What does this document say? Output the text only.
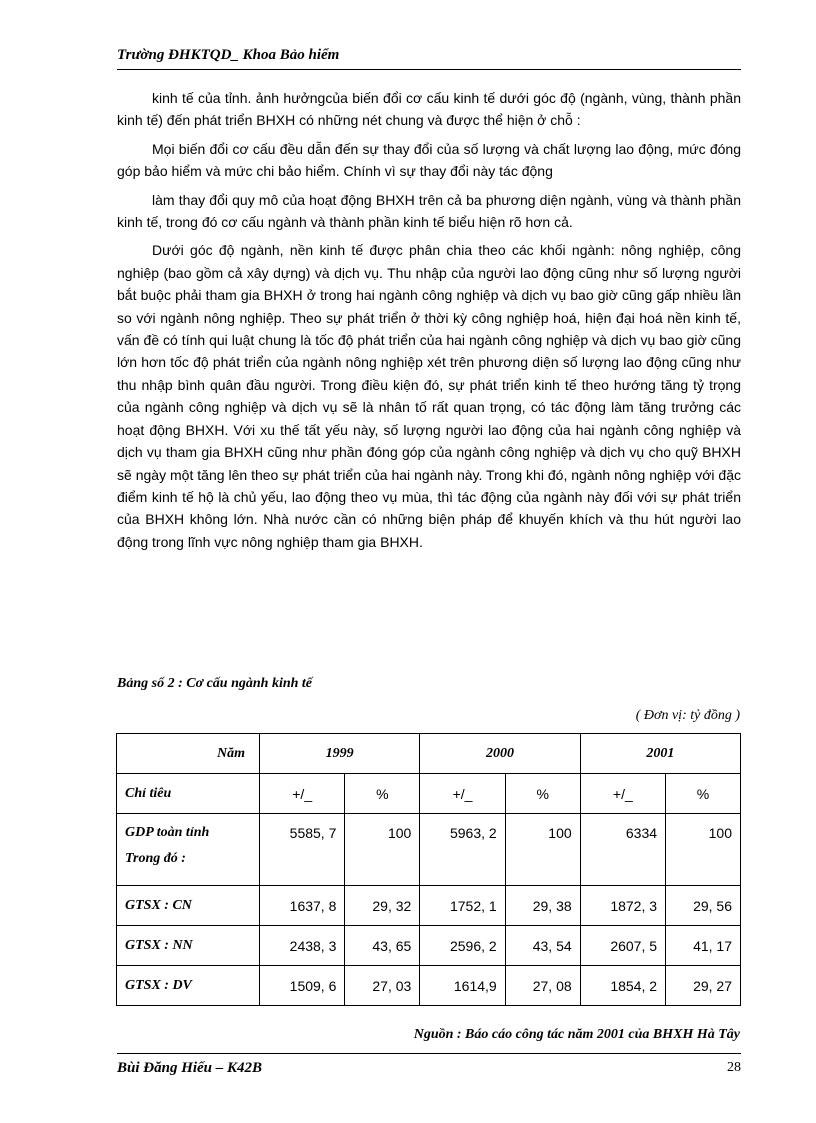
Trường ĐHKTQD_ Khoa Bảo hiểm

kinh tế của tỉnh. ảnh hưởngcủa biến đổi cơ cấu kinh tế dưới góc độ (ngành, vùng, thành phần kinh tế) đến phát triển BHXH có những nét chung và được thể hiện ở chỗ :

Mọi biến đổi cơ cấu đều dẫn đến sự thay đổi của số lượng và chất lượng lao động, mức đóng góp bảo hiểm và mức chi bảo hiểm. Chính vì sự thay đổi này tác động

làm thay đổi quy mô của hoạt động BHXH trên cả ba phương diện ngành, vùng và thành phần kinh tế, trong đó cơ cấu ngành và thành phần kinh tế biểu hiện rõ hơn cả.

Dưới góc độ ngành, nền kinh tế được phân chia theo các khối ngành: nông nghiệp, công nghiệp (bao gồm cả xây dựng) và dịch vụ. Thu nhập của người lao động cũng như số lượng người bắt buộc phải tham gia BHXH ở trong hai ngành công nghiệp và dịch vụ bao giờ cũng gấp nhiều lần so với ngành nông nghiệp. Theo sự phát triển ở thời kỳ công nghiệp hoá, hiện đại hoá nền kinh tế, vấn đề có tính qui luật chung là tốc độ phát triển của hai ngành công nghiệp và dịch vụ bao giờ cũng lớn hơn tốc độ phát triển của ngành nông nghiệp xét trên phương diện số lượng lao động cũng như thu nhập bình quân đầu người. Trong điều kiện đó, sự phát triển kinh tế theo hướng tăng tỷ trọng của ngành công nghiệp và dịch vụ sẽ là nhân tố rất quan trọng, có tác động làm tăng trưởng các hoạt động BHXH. Với xu thế tất yếu này, số lượng người lao động của hai ngành công nghiệp và dịch vụ tham gia BHXH cũng như phần đóng góp của ngành công nghiệp và dịch vụ cho quỹ BHXH sẽ ngày một tăng lên theo sự phát triển của hai ngành này. Trong khi đó, ngành nông nghiệp với đặc điểm kinh tế hộ là chủ yếu, lao động theo vụ mùa, thì tác động của ngành này đối với sự phát triển của BHXH không lớn. Nhà nước cần có những biện pháp để khuyến khích và thu hút người lao động trong lĩnh vực nông nghiệp tham gia BHXH.

Bảng số 2 : Cơ cấu ngành kinh tế
( Đơn vị: tỷ đồng )
Năm	1999		2000		2001	
Chỉ tiêu	+/_	%	+/_	%	+/_	%

GDP toàn tỉnh
Trong đó :	5585, 7	100	5963, 2	100	6334	100
GTSX : CN	1637, 8	29, 32	1752, 1	29, 38	1872, 3	29, 56
GTSX : NN	2438, 3	43, 65	2596, 2	43, 54	2607, 5	41, 17
GTSX : DV	1509, 6	27, 03	1614,9	27, 08	1854, 2	29, 27
Nguồn : Báo cáo công tác năm 2001 của BHXH Hà Tây
Bùi Đăng Hiếu – K42B	28
